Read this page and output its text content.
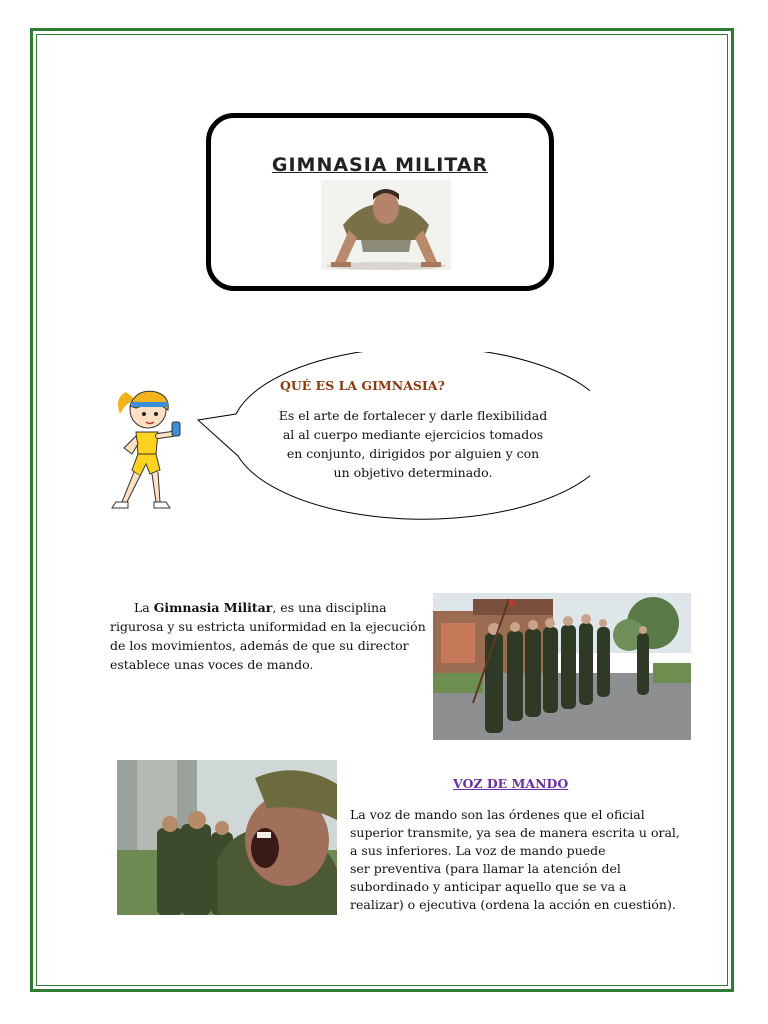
GIMNASIA MILITAR
QUÉ ES LA GIMNASIA?
Es el arte de fortalecer y darle flexibilidad
al al cuerpo mediante ejercicios tomados
en conjunto, dirigidos por alguien y con
un objetivo determinado.
La Gimnasia Militar, es una disciplina rigurosa y su estricta uniformidad en la ejecución de los movimientos, además de que su director establece unas voces de mando.
VOZ DE MANDO
La voz de mando son las órdenes que el oficial
superior transmite, ya sea de manera escrita u oral,
a sus inferiores. La voz de mando puede
ser preventiva (para llamar la atención del
subordinado y anticipar aquello que se va a
realizar) o ejecutiva (ordena la acción en cuestión).
